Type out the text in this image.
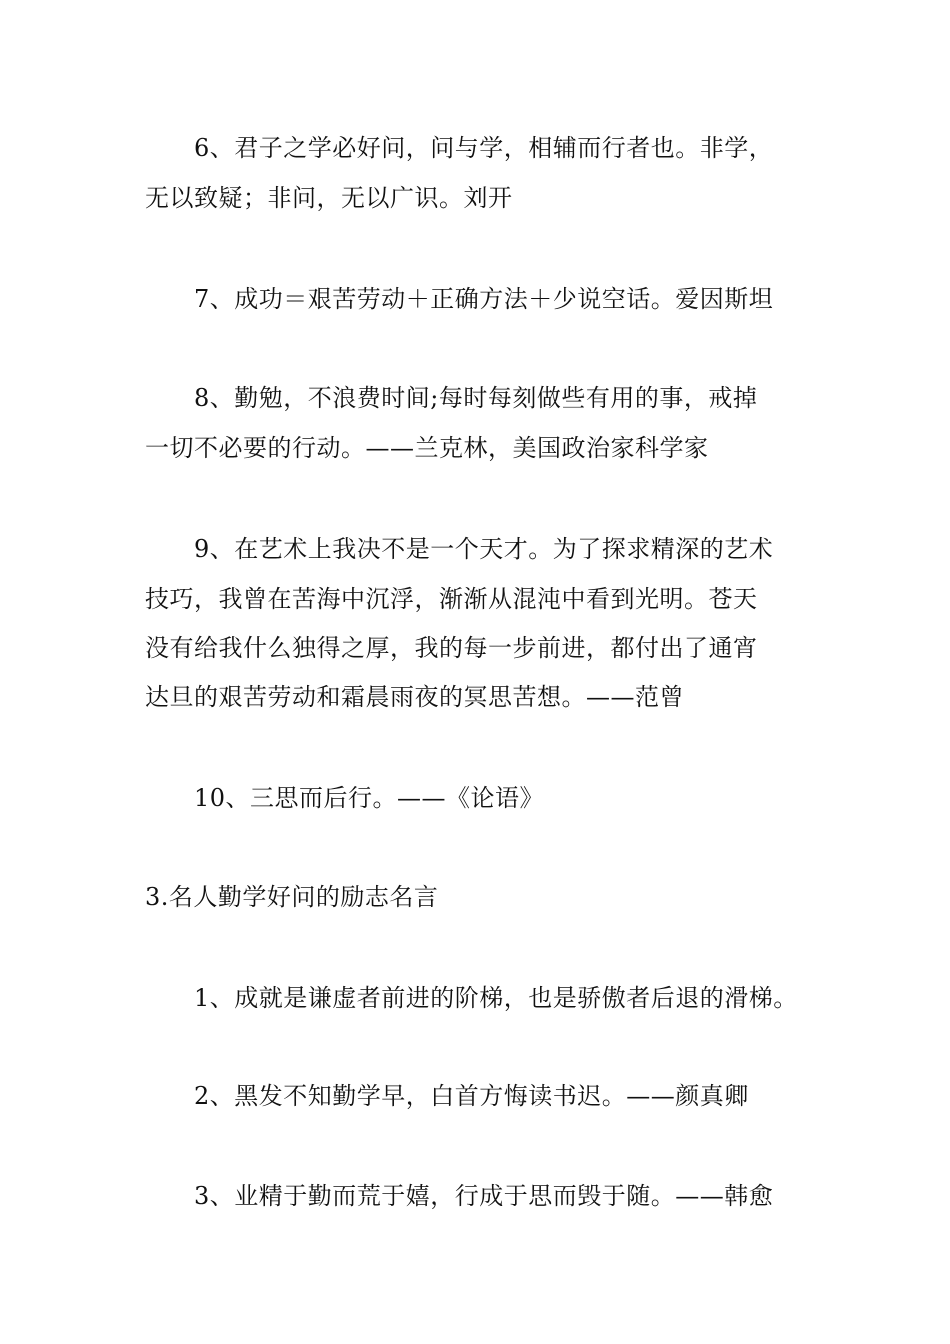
6、君子之学必好问，问与学，相辅而行者也。非学，
无以致疑；非问，无以广识。刘开
7、成功＝艰苦劳动＋正确方法＋少说空话。爱因斯坦
8、勤勉，不浪费时间;每时每刻做些有用的事，戒掉
一切不必要的行动。——兰克林，美国政治家科学家
9、在艺术上我决不是一个天才。为了探求精深的艺术
技巧，我曾在苦海中沉浮，渐渐从混沌中看到光明。苍天
没有给我什么独得之厚，我的每一步前进，都付出了通宵
达旦的艰苦劳动和霜晨雨夜的冥思苦想。——范曾
10、三思而后行。——《论语》
3.名人勤学好问的励志名言
1、成就是谦虚者前进的阶梯，也是骄傲者后退的滑梯。
2、黑发不知勤学早，白首方悔读书迟。——颜真卿
3、业精于勤而荒于嬉，行成于思而毁于随。——韩愈
